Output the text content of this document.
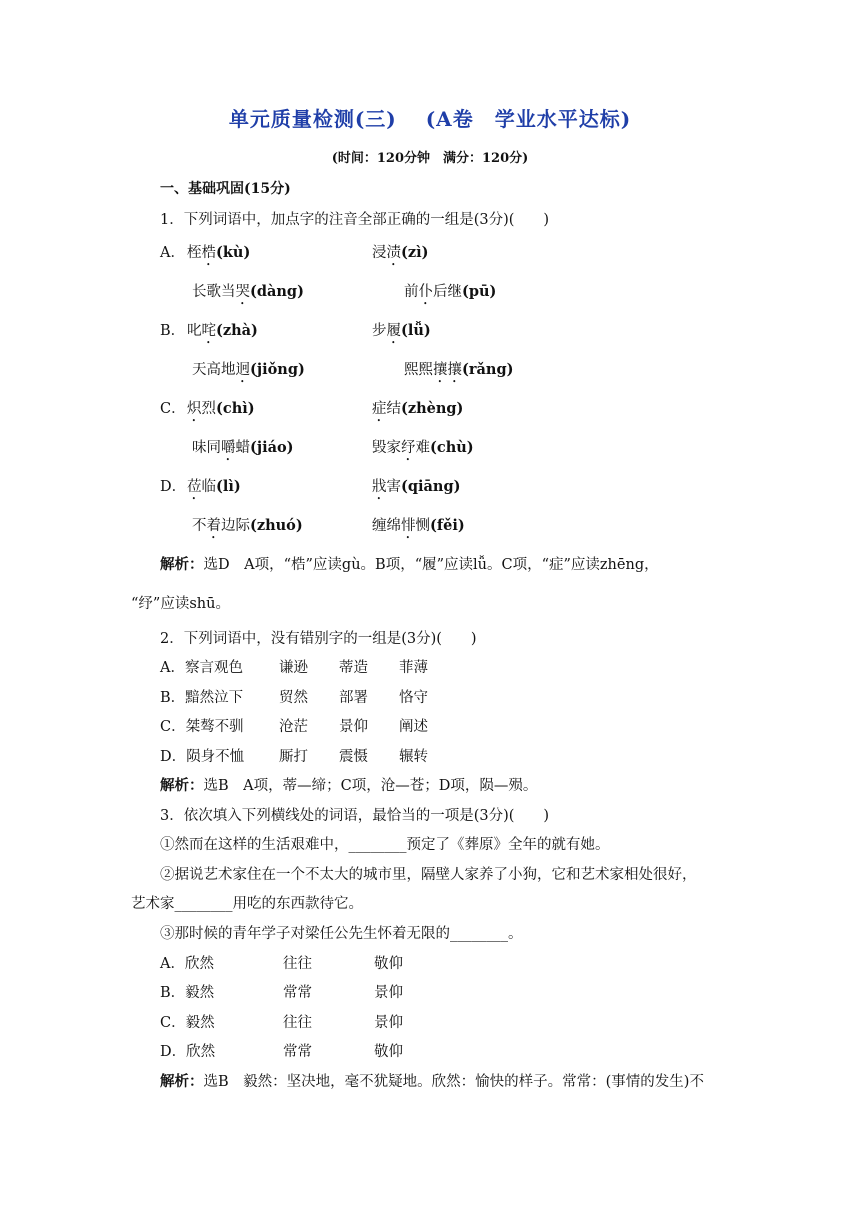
单元质量检测(三)　 (A卷　学业水平达标)
(时间：120分钟　满分：120分)
一、基础巩固(15分)
1．下列词语中，加点字的注音全部正确的一组是(3分)(　　)
A． 桎梏(kù)	浸渍(zì)
长歌当哭(dàng)	前仆后继(pū)
B． 叱咤(zhà)	步履(lǚ)
天高地迥(jiǒng)	熙熙攘攘(rǎng)
C． 炽烈(chì)	症结(zhèng)
味同嚼蜡(jiáo)	毁家纾难(chù)
D． 莅临(lì)	戕害(qiāng)
不着边际(zhuó)	缠绵悱恻(fěi)
解析：选D　A项，“梏”应读gù。B项，“履”应读lǚ。C项，“症”应读zhēng，
“纾”应读shū。
2．下列词语中，没有错别字的一组是(3分)(　　)
A．察言观色 谦逊 蒂造 菲薄
B．黯然泣下 贸然 部署 恪守
C．桀骜不驯 沧茫 景仰 阐述
D．陨身不恤 厮打 震慑 辗转
解析：选B　A项，蒂—缔；C项，沧—苍；D项，陨—殒。
3．依次填入下列横线处的词语，最恰当的一项是(3分)(　　)
①然而在这样的生活艰难中，________预定了《葬原》全年的就有她。
②据说艺术家住在一个不太大的城市里，隔壁人家养了小狗，它和艺术家相处很好，
艺术家________用吃的东西款待它。
③那时候的青年学子对梁任公先生怀着无限的________。
A．欣然	往往	敬仰
B．毅然	常常	景仰
C．毅然	往往	景仰
D．欣然	常常	敬仰
解析：选B　毅然：坚决地，毫不犹疑地。欣然：愉快的样子。常常：(事情的发生)不
